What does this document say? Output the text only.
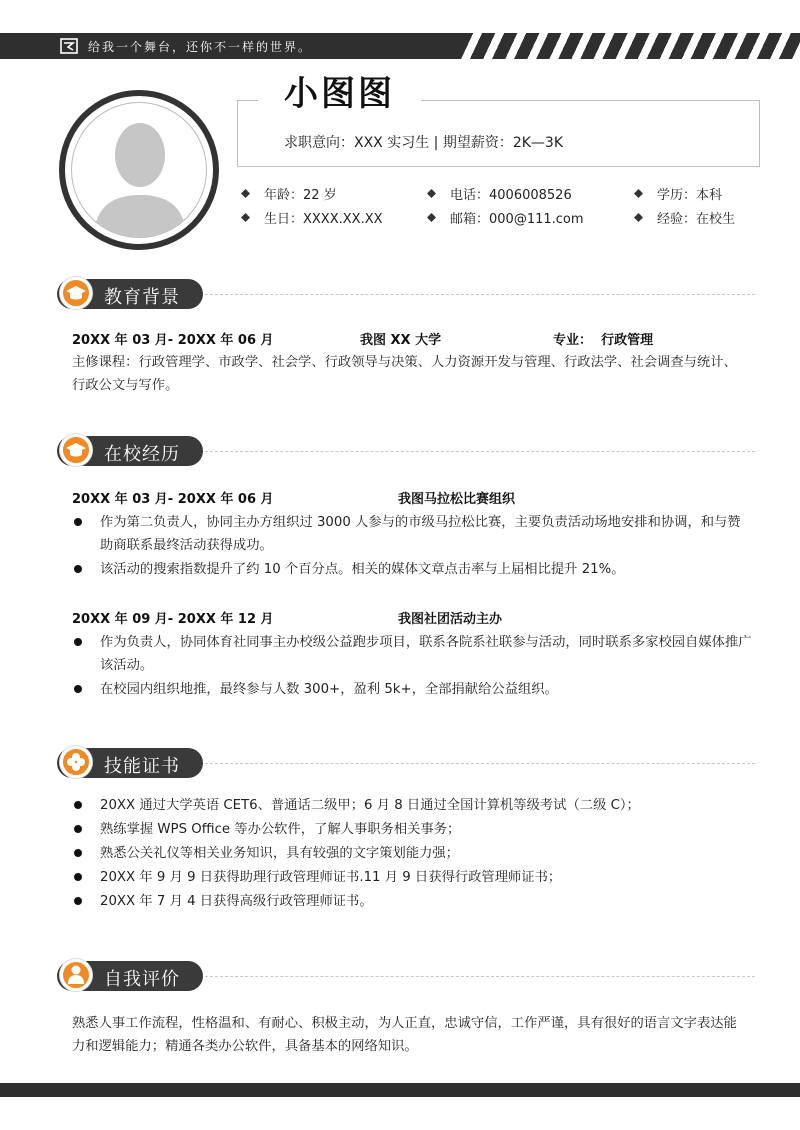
给我一个舞台，还你不一样的世界。
小图图
求职意向：XXX 实习生 | 期望薪资：2K—3K
年龄：22 岁	电话：4006008526	学历：本科
生日：XXXX.XX.XX	邮箱：000@111.com	经验：在校生
教育背景
20XX 年 03 月- 20XX 年 06 月	我图 XX 大学	专业： 行政管理
主修课程：行政管理学、市政学、社会学、行政领导与决策、人力资源开发与管理、行政法学、社会调查与统计、行政公文与写作。
在校经历
20XX 年 03 月- 20XX 年 06 月	我图马拉松比赛组织
作为第二负责人，协同主办方组织过 3000 人参与的市级马拉松比赛，主要负责活动场地安排和协调，和与赞助商联系最终活动获得成功。
该活动的搜索指数提升了约 10 个百分点。相关的媒体文章点击率与上届相比提升 21%。
20XX 年 09 月- 20XX 年 12 月	我图社团活动主办
作为负责人，协同体育社同事主办校级公益跑步项目，联系各院系社联参与活动，同时联系多家校园自媒体推广该活动。
在校园内组织地推，最终参与人数 300+，盈利 5k+，全部捐献给公益组织。
技能证书
20XX 通过大学英语 CET6、普通话二级甲；6 月 8 日通过全国计算机等级考试（二级 C）；
熟练掌握 WPS Office 等办公软件，了解人事职务相关事务；
熟悉公关礼仪等相关业务知识，具有较强的文字策划能力强；
20XX 年 9 月 9 日获得助理行政管理师证书.11 月 9 日获得行政管理师证书；
20XX 年 7 月 4 日获得高级行政管理师证书。
自我评价
熟悉人事工作流程，性格温和、有耐心、积极主动，为人正直，忠诚守信，工作严谨，具有很好的语言文字表达能力和逻辑能力；精通各类办公软件，具备基本的网络知识。
